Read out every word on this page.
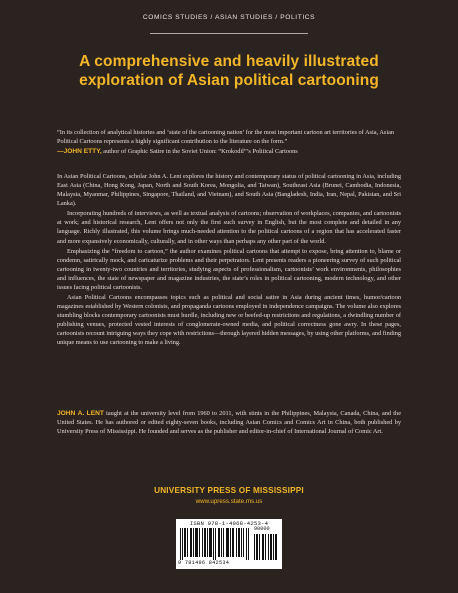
COMICS STUDIES / ASIAN STUDIES / POLITICS
A comprehensive and heavily illustrated
exploration of Asian political cartooning
“In its collection of analytical histories and ‘state of the cartooning nation’ for the most important cartoon art territories of Asia, Asian Political Cartoons represents a highly significant contribution to the literature on the form.”
—JOHN ETTY, author of Graphic Satire in the Soviet Union: “Krokodil”’s Political Cartoons

In Asian Political Cartoons, scholar John A. Lent explores the history and contemporary status of political cartooning in Asia, including East Asia (China, Hong Kong, Japan, North and South Korea, Mongolia, and Taiwan), Southeast Asia (Brunei, Cambodia, Indonesia, Malaysia, Myanmar, Philippines, Singapore, Thailand, and Vietnam), and South Asia (Bangladesh, India, Iran, Nepal, Pakistan, and Sri Lanka).

Incorporating hundreds of interviews, as well as textual analysis of cartoons; observation of workplaces, companies, and cartoonists at work; and historical research, Lent offers not only the first such survey in English, but the most complete and detailed in any language. Richly illustrated, this volume brings much-needed attention to the political cartoons of a region that has accelerated faster and more expansively economically, culturally, and in other ways than perhaps any other part of the world.

Emphasizing the “freedom to cartoon,” the author examines political cartoons that attempt to expose, bring attention to, blame or condemn, satirically mock, and caricaturize problems and their perpetrators. Lent presents readers a pioneering survey of such political cartooning in twenty-two countries and territories, studying aspects of professionalism, cartoonists’ work environments, philosophies and influences, the state of newspaper and magazine industries, the state’s roles in political cartooning, modern technology, and other issues facing political cartoonists.

Asian Political Cartoons encompasses topics such as political and social satire in Asia during ancient times, humor/cartoon magazines established by Western colonists, and propaganda cartoons employed in independence campaigns. The volume also explores stumbling blocks contemporary cartoonists must hurdle, including new or beefed-up restrictions and regulations, a dwindling number of publishing venues, protected vested interests of conglomerate-owned media, and political correctness gone awry. In these pages, cartoonists recount intriguing ways they cope with restrictions—through layered hidden messages, by using other platforms, and finding unique means to use cartooning to make a living.

JOHN A. LENT taught at the university level from 1960 to 2011, with stints in the Philippines, Malaysia, Canada, China, and the United States. He has authored or edited eighty-seven books, including Asian Comics and Comics Art in China, both published by University Press of Mississippi. He founded and serves as the publisher and editor-in-chief of International Journal of Comic Art.
UNIVERSITY PRESS OF MISSISSIPPI
www.upress.state.ms.us
ISBN 978-1-4968-4253-4
90000
9 781496 842534
